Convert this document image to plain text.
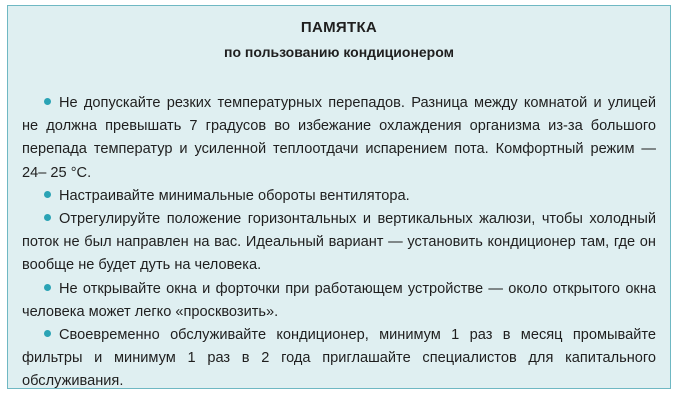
ПАМЯТКА
по пользованию кондиционером
Не допускайте резких температурных перепадов. Разница между комнатой и улицей не должна превышать 7 градусов во избежание охлаждения организма из-за большого перепада температур и усиленной теплоотдачи испарением пота. Комфортный режим — 24– 25 °С.
Настраивайте минимальные обороты вентилятора.
Отрегулируйте положение горизонтальных и вертикальных жалюзи, чтобы холодный поток не был направлен на вас. Идеальный вариант — установить кондиционер там, где он вообще не будет дуть на человека.
Не открывайте окна и форточки при работающем устройстве — около открытого окна человека может легко «просквозить».
Своевременно обслуживайте кондиционер, минимум 1 раз в месяц промывайте фильтры и минимум 1 раз в 2 года приглашайте специалистов для капитального обслуживания.
